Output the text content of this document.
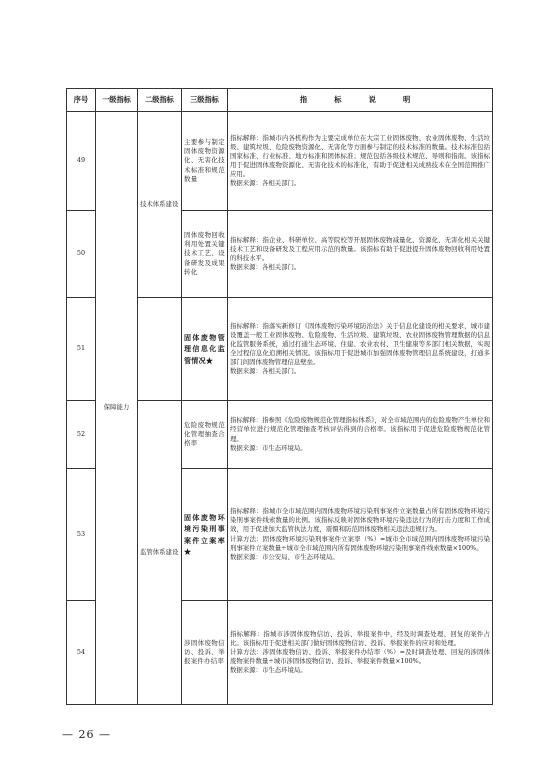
序号	一级指标	二级指标	三级指标	指　标　说　明
49	保障能力	技术体系建设	主要参与制定固体废物资源化、无害化技术标准和规范数量	指标解释：指城市内各机构作为主要完成单位在大宗工业固体废物、农业固体废物、生活垃圾、建筑垃圾、危险废物资源化、无害化等方面参与制定的技术标准的数量。技术标准包括国家标准、行业标准、地方标准和团体标准；规范包括各级技术规范、导则和指南。该指标用于促进固体废物资源化、无害化技术的标准化，有助于促进相关成熟技术在全国范围推广应用。

数据来源：各相关部门。

50			固体废物回收利用处置关键技术工艺、设备研发及成果转化	指标解释：指企业、科研单位、高等院校等开展固体废物减量化、资源化、无害化相关关键技术工艺和设备研发及工程应用示范的数量。该指标有助于促进提升固体废物回收利用处置的科技水平。

数据来源：各相关部门。

51			固体废物管理信息化监管情况★	指标解释：指落实新修订《固体废物污染环境防治法》关于信息化建设的相关要求，城市建设覆盖一般工业固体废物、危险废物、生活垃圾、建筑垃圾、农业固体废物管理数据的信息化监管服务系统，通过打通生态环境、住建、农业农村、卫生健康等多部门相关数据，实现全过程信息化追溯相关情况。该指标用于促进城市加强固体废物管理信息系统建设，打通多部门间固体废物管理信息壁垒。

数据来源：各相关部门。

52		监管体系建设	危险废物规范化管理抽查合格率	指标解释：指参照《危险废物规范化管理指标体系》，对全市域范围内的危险废物产生单位和经营单位进行规范化管理抽查考核评估得到的合格率。该指标用于促进危险废物规范化管理。

数据来源：市生态环境局。

53			固体废物环境污染刑事案件立案率★	指标解释：指城市全市域范围内固体废物环境污染刑事案件立案数量占所有固体废物环境污染刑事案件线索数量的比例。该指标反映对固体废物环境污染违法行为的打击力度和工作成效，用于促进加大监管执法力度，震慑和防范固体废物相关违法违规行为。

计算方法：固体废物环境污染刑事案件立案率（%）=城市全市域范围内固体废物环境污染刑事案件立案数量÷城市全市域范围内所有固体废物环境污染刑事案件线索数量×100%。

数据来源：市公安局、市生态环境局。

54			涉固体废物信访、投诉、举报案件办结率	指标解释：指城市涉固体废物信访、投诉、举报案件中，经及时调查处理、回复的案件占比。该指标用于促进相关部门做好固体废物信访、投诉、举报案件的应对和处理。

计算方法：涉固体废物信访、投诉、举报案件办结率（%）=及时调查处理、回复的涉固体废物案件数量÷城市涉固体废物信访、投诉、举报案件数量×100%。

数据来源：市生态环境局。

— 26 —
